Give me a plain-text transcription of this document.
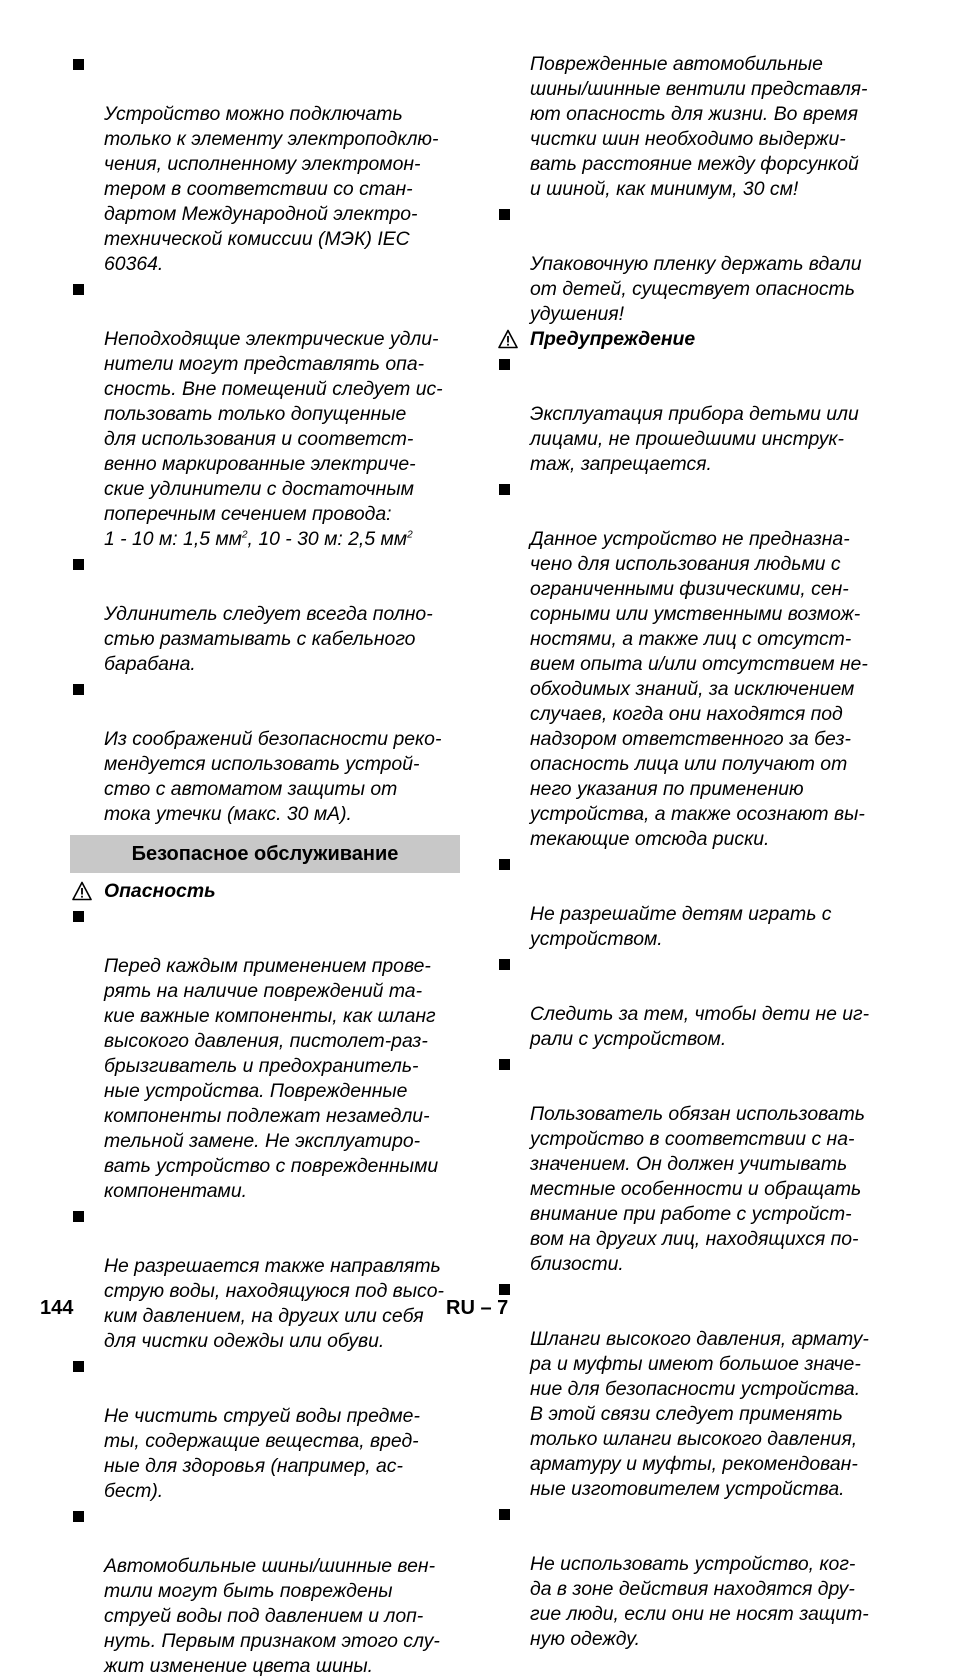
Устройство можно подключать
только к элементу электроподклю-
чения, исполненному электромон-
тером в соответствии со стан-
дартом Международной электро-
технической комиссии (МЭК) IEC
60364.

Неподходящие электрические удли-
нители могут представлять опа-
сность. Вне помещений следует ис-
пользовать только допущенные
для использования и соответст-
венно маркированные электриче-
ские удлинители с достаточным
поперечным сечением провода:

1 - 10 м: 1,5 $мм^2$, 10 - 30 м: 2,5 $мм^2$

Удлинитель следует всегда полно-
стью разматывать с кабельного
барабана.

Из соображений безопасности реко-
мендуется использовать устрой-
ство с автоматом защиты от
тока утечки (макс. 30 мА).

Безопасное обслуживание
Опасность

Перед каждым применением прове-
рять на наличие повреждений та-
кие важные компоненты, как шланг
высокого давления, пистолет-раз-
брызгиватель и предохранитель-
ные устройства. Поврежденные
компоненты подлежат незамедли-
тельной замене. Не эксплуатиро-
вать устройство с поврежденными
компонентами.

Не разрешается также направлять
струю воды, находящуюся под высо-
ким давлением, на других или себя
для чистки одежды или обуви.

Не чистить струей воды предме-
ты, содержащие вещества, вред-
ные для здоровья (например, ас-
бест).

Автомобильные шины/шинные вен-
тили могут быть повреждены
струей воды под давлением и лоп-
нуть. Первым признаком этого слу-
жит изменение цвета шины.

Поврежденные автомобильные
шины/шинные вентили представля-
ют опасность для жизни. Во время
чистки шин необходимо выдержи-
вать расстояние между форсункой
и шиной, как минимум, 30 см!

Упаковочную пленку держать вдали
от детей, существует опасность
удушения!

Предупреждение

Эксплуатация прибора детьми или
лицами, не прошедшими инструк-
таж, запрещается.

Данное устройство не предназна-
чено для использования людьми с
ограниченными физическими, сен-
сорными или умственными возмож-
ностями, а также лиц с отсутст-
вием опыта и/или отсутствием не-
обходимых знаний, за исключением
случаев, когда они находятся под
надзором ответственного за без-
опасность лица или получают от
него указания по применению
устройства, а также осознают вы-
текающие отсюда риски.

Не разрешайте детям играть с
устройством.

Следить за тем, чтобы дети не иг-
рали с устройством.

Пользователь обязан использовать
устройство в соответствии с на-
значением. Он должен учитывать
местные особенности и обращать
внимание при работе с устройст-
вом на других лиц, находящихся по-
близости.

Шланги высокого давления, армату-
ра и муфты имеют большое значе-
ние для безопасности устройства.
В этой связи следует применять
только шланги высокого давления,
арматуру и муфты, рекомендован-
ные изготовителем устройства.

Не использовать устройство, ког-
да в зоне действия находятся дру-
гие люди, если они не носят защит-
ную одежду.

144	RU – 7
